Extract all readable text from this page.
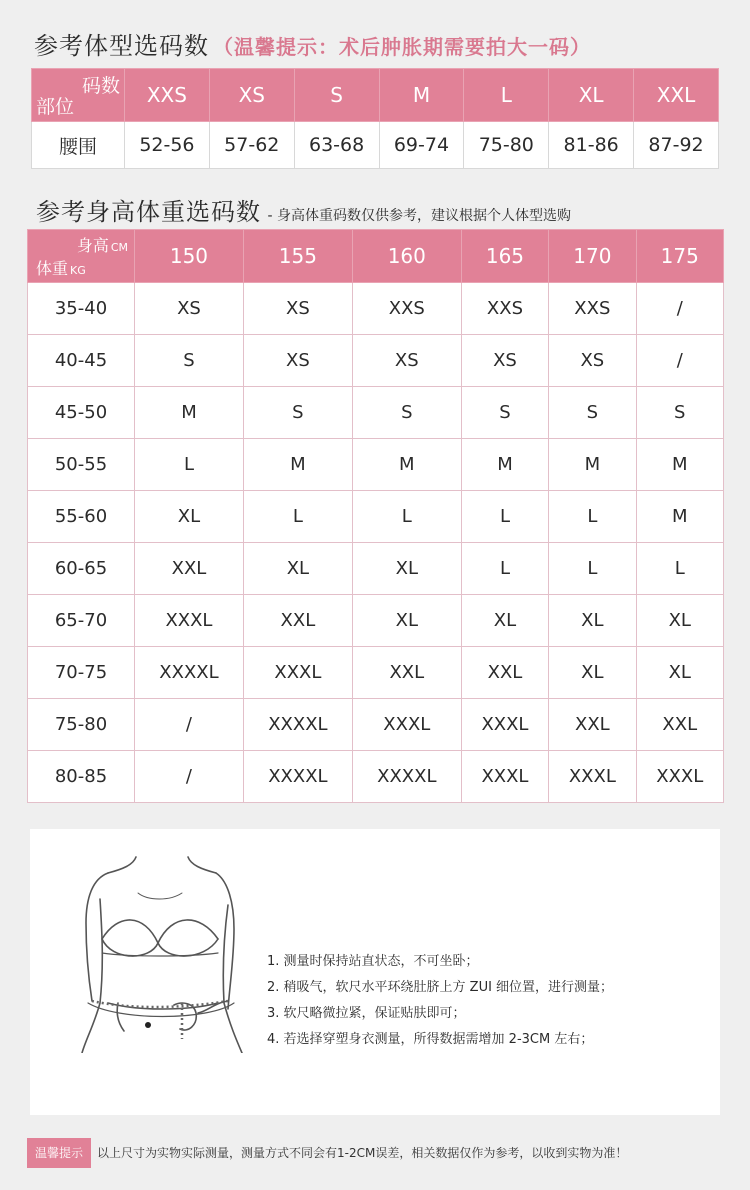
参考体型选码数 （温馨提示：术后肿胀期需要拍大一码）
码数
部位	XXS	XS	S	M	L	XL	XXL
腰围	52-56	57-62	63-68	69-74	75-80	81-86	87-92
参考身高体重选码数 - 身高体重码数仅供参考，建议根据个人体型选购
身高 CM
体重 KG	150	155	160	165	170	175
35-40	XS	XS	XXS	XXS	XXS	/
40-45	S	XS	XS	XS	XS	/
45-50	M	S	S	S	S	S
50-55	L	M	M	M	M	M
55-60	XL	L	L	L	L	M
60-65	XXL	XL	XL	L	L	L
65-70	XXXL	XXL	XL	XL	XL	XL
70-75	XXXXL	XXXL	XXL	XXL	XL	XL
75-80	/	XXXXL	XXXL	XXXL	XXL	XXL
80-85	/	XXXXL	XXXXL	XXXL	XXXL	XXXL
1. 测量时保持站直状态，不可坐卧；
2. 稍吸气，软尺水平环绕肚脐上方 ZUI 细位置，进行测量；
3. 软尺略微拉紧，保证贴肤即可；
4. 若选择穿塑身衣测量，所得数据需增加 2-3CM 左右；
温馨提示	以上尺寸为实物实际测量，测量方式不同会有1-2CM误差，相关数据仅作为参考，以收到实物为准！
